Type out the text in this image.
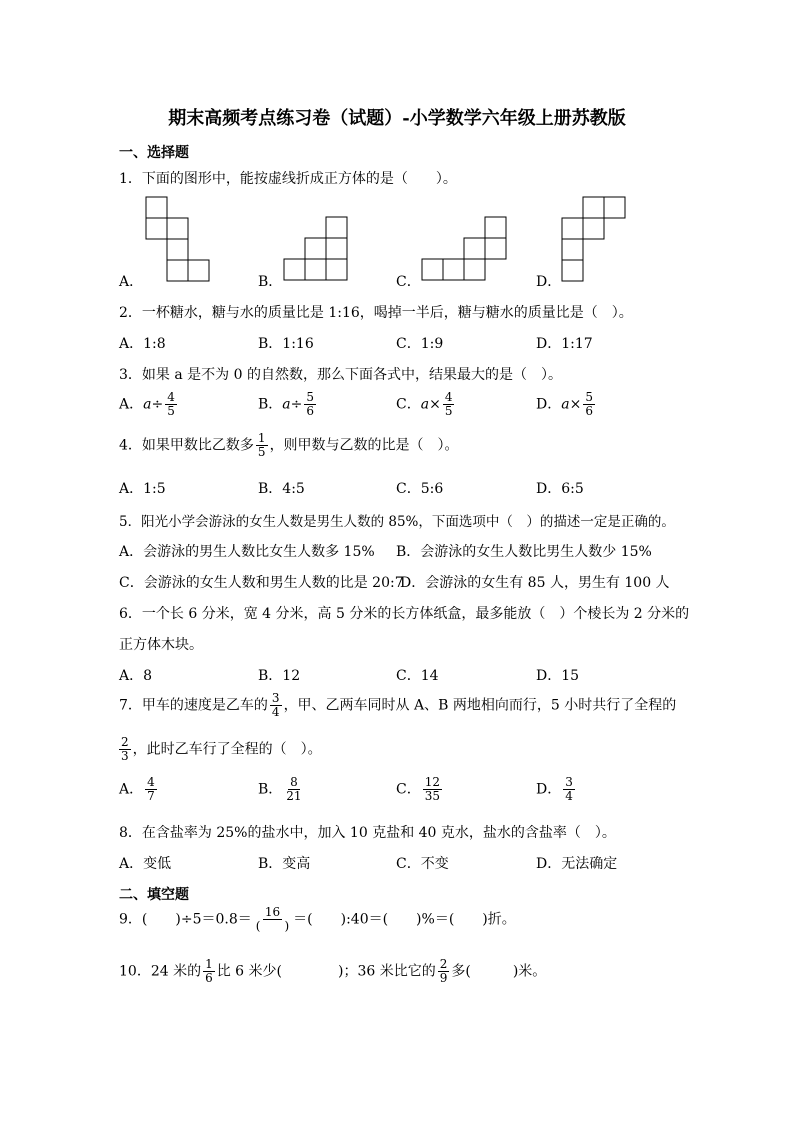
期末高频考点练习卷（试题）-小学数学六年级上册苏教版
一、选择题
1．下面的图形中，能按虚线折成正方体的是（　　）。
A．	B．	C．	D．
2．一杯糖水，糖与水的质量比是 1:16，喝掉一半后，糖与糖水的质量比是（　）。
A．1:8	B．1:16	C．1:9	D．1:17
3．如果 a 是不为 0 的自然数，那么下面各式中，结果最大的是（　）。
A．$a\div \frac{4}{5}$	B．$a\div \frac{5}{6}$	C．$a\times \frac{4}{5}$	D．$a\times \frac{5}{6}$
4．如果甲数比乙数多 $\frac{1}{5}$ ，则甲数与乙数的比是（　）。
A．1:5	B．4:5	C．5:6	D．6:5
5．阳光小学会游泳的女生人数是男生人数的 85%，下面选项中（　）的描述一定是正确的。
A．会游泳的男生人数比女生人数多 15% B．会游泳的女生人数比男生人数少 15%
C．会游泳的女生人数和男生人数的比是 20:7
D．会游泳的女生有 85 人，男生有 100 人
6．一个长 6 分米，宽 4 分米，高 5 分米的长方体纸盒，最多能放（　）个棱长为 2 分米的
正方体木块。
A．8	B．12	C．14	D．15
7．甲车的速度是乙车的 $\frac{3}{4}$ ，甲、乙两车同时从 A、B 两地相向而行，5 小时共行了全程的
$\frac{2}{3}$ ，此时乙车行了全程的（　）。
A． $\frac{4}{7}$	B． $\frac{8}{21}$	C． $\frac{12}{35}$	D． $\frac{3}{4}$
8．在含盐率为 25%的盐水中，加入 10 克盐和 40 克水，盐水的含盐率（　）。
A．变低	B．变高	C．不变	D．无法确定
二、填空题
9．(　　)$\div 5=0.8= \frac{16}{( )}$ ＝(　　):40＝(　　)%＝(　　)折。
10．24 米的 $\frac{1}{6}$ 比 6 米少(　　　　)；36 米比它的 $\frac{2}{9}$ 多(　　　)米。
